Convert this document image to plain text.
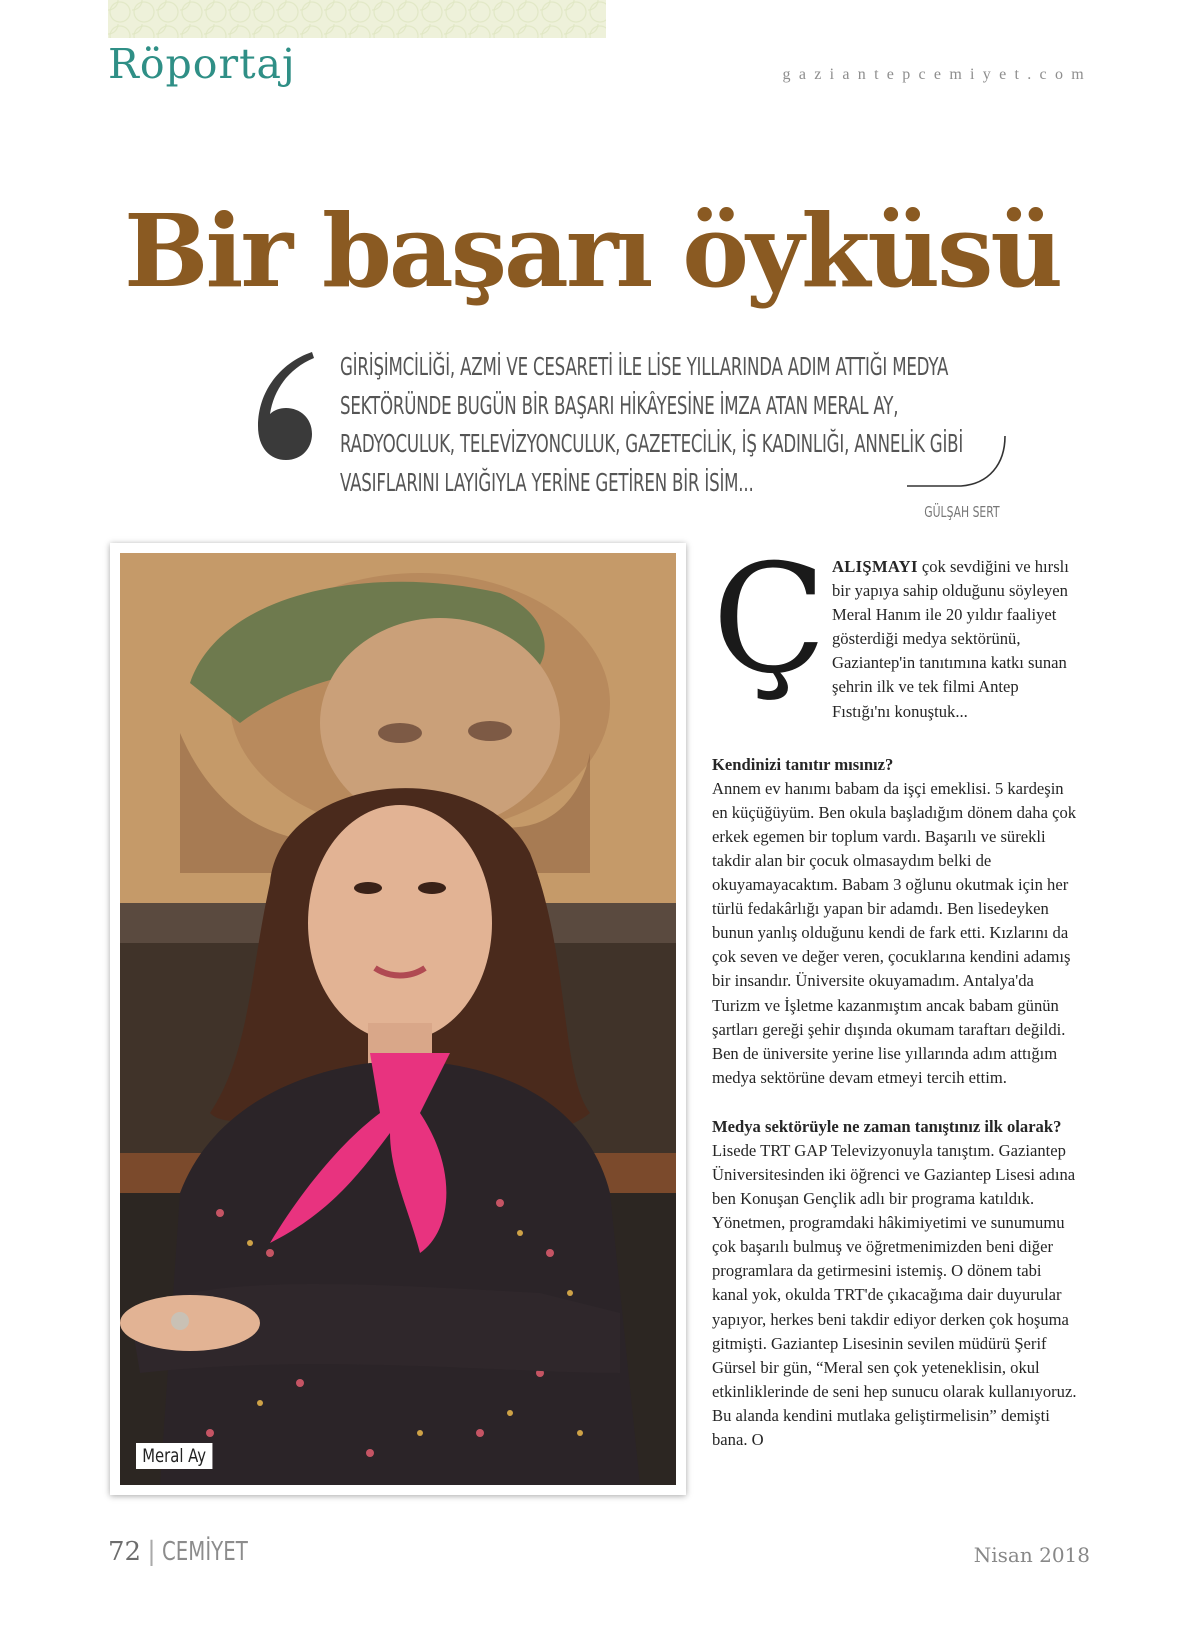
Röportaj	gaziantepcemiyet.com
Bir başarı öyküsü
GİRİŞİMCİLİĞİ, AZMİ VE CESARETİ İLE LİSE YILLARINDA ADIM ATTIĞI MEDYA
SEKTÖRÜNDE BUGÜN BİR BAŞARI HİKÂYESİNE İMZA ATAN MERAL AY,
RADYOCULUK, TELEVİZYONCULUK, GAZETECİLİK, İŞ KADINLIĞI, ANNELİK GİBİ
VASIFLARINI LAYIĞIYLA YERİNE GETİREN BİR İSİM...
GÜLŞAH SERT
Meral Ay
Ç ALIŞMAYI çok sevdiğini ve hırslı bir yapıya sahip olduğunu söyleyen Meral Hanım ile 20 yıldır faaliyet gösterdiği medya sektörünü, Gaziantep'in tanıtımına katkı sunan şehrin ilk ve tek filmi Antep Fıstığı'nı konuştuk...
Kendinizi tanıtır mısınız?
Annem ev hanımı babam da işçi emeklisi. 5 kardeşin en küçüğüyüm. Ben okula başladığım dönem daha çok erkek egemen bir toplum vardı. Başarılı ve sürekli takdir alan bir çocuk olmasaydım belki de okuyamayacaktım. Babam 3 oğlunu okutmak için her türlü fedakârlığı yapan bir adamdı. Ben lisedeyken bunun yanlış olduğunu kendi de fark etti. Kızlarını da çok seven ve değer veren, çocuklarına kendini adamış bir insandır. Üniversite okuyamadım. Antalya'da Turizm ve İşletme kazanmıştım ancak babam günün şartları gereği şehir dışında okumam taraftarı değildi. Ben de üniversite yerine lise yıllarında adım attığım medya sektörüne devam etmeyi tercih ettim.
Medya sektörüyle ne zaman tanıştınız ilk olarak?
Lisede TRT GAP Televizyonuyla tanıştım. Gaziantep Üniversitesinden iki öğrenci ve Gaziantep Lisesi adına ben Konuşan Gençlik adlı bir programa katıldık. Yönetmen, programdaki hâkimiyetimi ve sunumumu çok başarılı bulmuş ve öğretmenimizden beni diğer programlara da getirmesini istemiş. O dönem tabi kanal yok, okulda TRT'de çıkacağıma dair duyurular yapıyor, herkes beni takdir ediyor derken çok hoşuma gitmişti. Gaziantep Lisesinin sevilen müdürü Şerif Gürsel bir gün, “Meral sen çok yeteneklisin, okul etkinliklerinde de seni hep sunucu olarak kullanıyoruz. Bu alanda kendini mutlaka geliştirmelisin” demişti bana. O
72 | CEMİYET	Nisan 2018
